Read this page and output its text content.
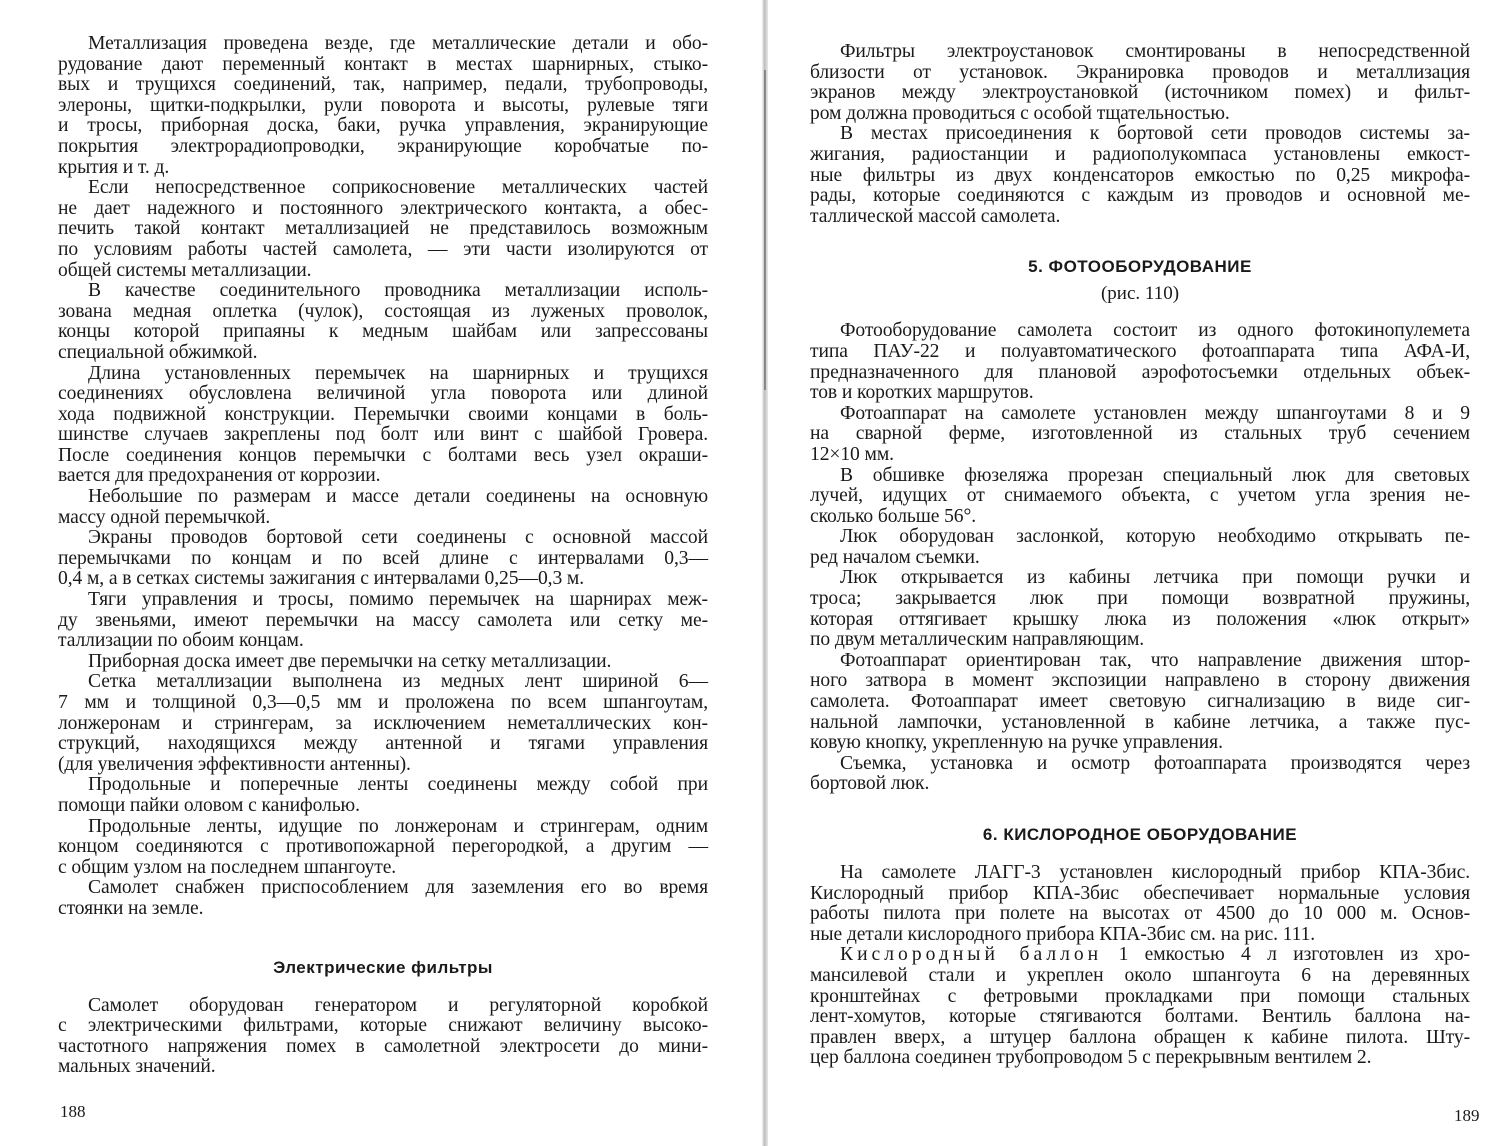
Металлизация проведена везде, где металлические детали и обо-
рудование дают переменный контакт в местах шарнирных, стыко-
вых и трущихся соединений, так, например, педали, трубопроводы,
элероны, щитки-подкрылки, рули поворота и высоты, рулевые тяги
и тросы, приборная доска, баки, ручка управления, экранирующие
покрытия электрорадиопроводки, экранирующие коробчатые по-
крытия и т. д.
Если непосредственное соприкосновение металлических частей
не дает надежного и постоянного электрического контакта, а обес-
печить такой контакт металлизацией не представилось возможным
по условиям работы частей самолета, — эти части изолируются от
общей системы металлизации.
В качестве соединительного проводника металлизации исполь-
зована медная оплетка (чулок), состоящая из луженых проволок,
концы которой припаяны к медным шайбам или запрессованы
специальной обжимкой.
Длина установленных перемычек на шарнирных и трущихся
соединениях обусловлена величиной угла поворота или длиной
хода подвижной конструкции. Перемычки своими концами в боль-
шинстве случаев закреплены под болт или винт с шайбой Гровера.
После соединения концов перемычки с болтами весь узел окраши-
вается для предохранения от коррозии.
Небольшие по размерам и массе детали соединены на основную
массу одной перемычкой.
Экраны проводов бортовой сети соединены с основной массой
перемычками по концам и по всей длине с интервалами 0,3—
0,4 м, а в сетках системы зажигания с интервалами 0,25—0,3 м.
Тяги управления и тросы, помимо перемычек на шарнирах меж-
ду звеньями, имеют перемычки на массу самолета или сетку ме-
таллизации по обоим концам.
Приборная доска имеет две перемычки на сетку металлизации.
Сетка металлизации выполнена из медных лент шириной 6—
7 мм и толщиной 0,3—0,5 мм и проложена по всем шпангоутам,
лонжеронам и стрингерам, за исключением неметаллических кон-
струкций, находящихся между антенной и тягами управления
(для увеличения эффективности антенны).
Продольные и поперечные ленты соединены между собой при
помощи пайки оловом с канифолью.
Продольные ленты, идущие по лонжеронам и стрингерам, одним
концом соединяются с противопожарной перегородкой, а другим —
с общим узлом на последнем шпангоуте.
Самолет снабжен приспособлением для заземления его во время
стоянки на земле.
Электрические фильтры
Самолет оборудован генератором и регуляторной коробкой
с электрическими фильтрами, которые снижают величину высоко-
частотного напряжения помех в самолетной электросети до мини-
мальных значений.
188
Фильтры электроустановок смонтированы в непосредственной
близости от установок. Экранировка проводов и металлизация
экранов между электроустановкой (источником помех) и фильт-
ром должна проводиться с особой тщательностью.
В местах присоединения к бортовой сети проводов системы за-
жигания, радиостанции и радиополукомпаса установлены емкост-
ные фильтры из двух конденсаторов емкостью по 0,25 микрофа-
рады, которые соединяются с каждым из проводов и основной ме-
таллической массой самолета.
5. ФОТООБОРУДОВАНИЕ
(рис. 110)
Фотооборудование самолета состоит из одного фотокинопулемета
типа ПАУ-22 и полуавтоматического фотоаппарата типа АФА-И,
предназначенного для плановой аэрофотосъемки отдельных объек-
тов и коротких маршрутов.
Фотоаппарат на самолете установлен между шпангоутами 8 и 9
на сварной ферме, изготовленной из стальных труб сечением
12×10 мм.
В обшивке фюзеляжа прорезан специальный люк для световых
лучей, идущих от снимаемого объекта, с учетом угла зрения не-
сколько больше 56°.
Люк оборудован заслонкой, которую необходимо открывать пе-
ред началом съемки.
Люк открывается из кабины летчика при помощи ручки и
троса; закрывается люк при помощи возвратной пружины,
которая оттягивает крышку люка из положения «люк открыт»
по двум металлическим направляющим.
Фотоаппарат ориентирован так, что направление движения штор-
ного затвора в момент экспозиции направлено в сторону движения
самолета. Фотоаппарат имеет световую сигнализацию в виде сиг-
нальной лампочки, установленной в кабине летчика, а также пус-
ковую кнопку, укрепленную на ручке управления.
Съемка, установка и осмотр фотоаппарата производятся через
бортовой люк.
6. КИСЛОРОДНОЕ ОБОРУДОВАНИЕ
На самолете ЛАГГ-3 установлен кислородный прибор КПА-3бис.
Кислородный прибор КПА-3бис обеспечивает нормальные условия
работы пилота при полете на высотах от 4500 до 10 000 м. Основ-
ные детали кислородного прибора КПА-3бис см. на рис. 111.
Кислородный баллон 1 емкостью 4 л изготовлен из хро-
мансилевой стали и укреплен около шпангоута 6 на деревянных
кронштейнах с фетровыми прокладками при помощи стальных
лент-хомутов, которые стягиваются болтами. Вентиль баллона на-
правлен вверх, а штуцер баллона обращен к кабине пилота. Шту-
цер баллона соединен трубопроводом 5 с перекрывным вентилем 2.
189
